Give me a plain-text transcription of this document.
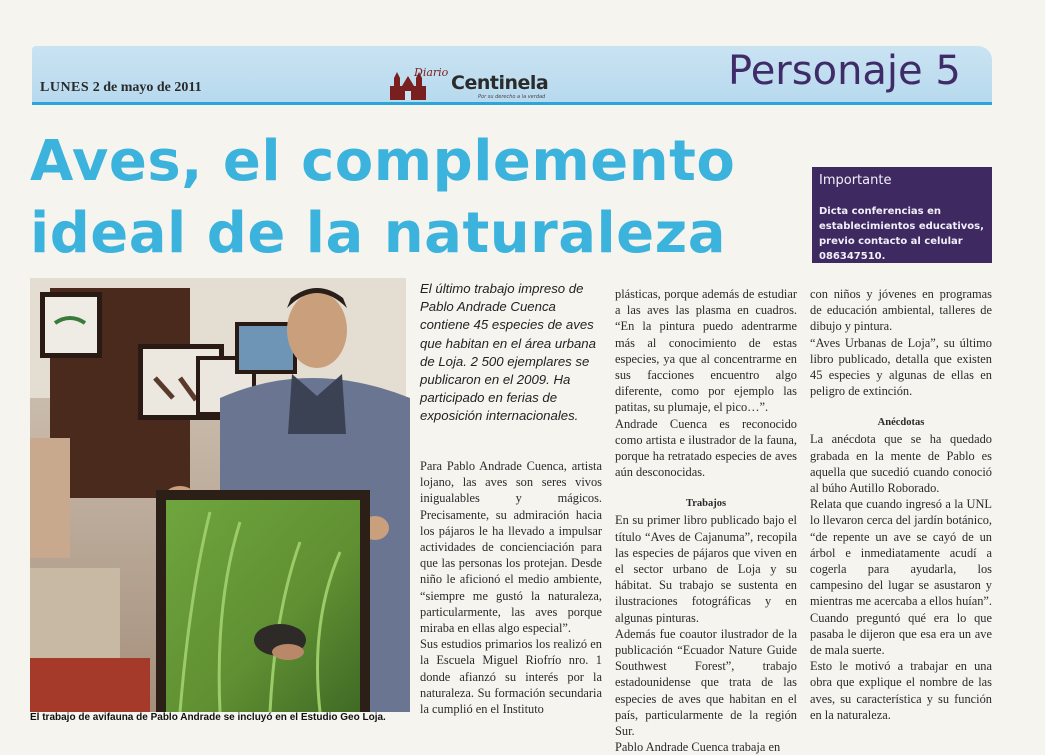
LUNES 2 de mayo de 2011
Diario Centinela
Por su derecho a la verdad
Personaje 5
Aves, el complemento
ideal de la naturaleza
Importante
Dicta conferencias en establecimientos educativos, previo contacto al celular 086347510.
El trabajo de avifauna de Pablo Andrade se incluyó en el Estudio Geo Loja.
El último trabajo impreso de Pablo Andrade Cuenca contiene 45 especies de aves que habitan en el área urbana de Loja. 2 500 ejemplares se publicaron en el 2009. Ha participado en ferias de exposición internacionales.

Para Pablo Andrade Cuenca, artista lojano, las aves son seres vivos inigualables y mágicos. Precisamente, su admiración hacia los pájaros le ha llevado a impulsar actividades de concienciación para que las personas los protejan. Desde niño le aficionó el medio ambiente, “siempre me gustó la naturaleza, particularmente, las aves porque miraba en ellas algo especial”.

Sus estudios primarios los realizó en la Escuela Miguel Riofrío nro. 1 donde afianzó su interés por la naturaleza. Su formación secundaria la cumplió en el Instituto

plásticas, porque además de estudiar a las aves las plasma en cuadros. “En la pintura puedo adentrarme más al conocimiento de estas especies, ya que al concentrarme en sus facciones encuentro algo diferente, como por ejemplo las patitas, su plumaje, el pico…”.

Andrade Cuenca es reconocido como artista e ilustrador de la fauna, porque ha retratado especies de aves aún desconocidas.

Trabajos

En su primer libro publicado bajo el título “Aves de Cajanuma”, recopila las especies de pájaros que viven en el sector urbano de Loja y su hábitat. Su trabajo se sustenta en ilustraciones fotográficas y en algunas pinturas.

Además fue coautor ilustrador de la publicación “Ecuador Nature Guide Southwest Forest”, trabajo estadounidense que trata de las especies de aves que habitan en el país, particularmente de la región Sur.

Pablo Andrade Cuenca trabaja en

con niños y jóvenes en programas de educación ambiental, talleres de dibujo y pintura.

“Aves Urbanas de Loja”, su último libro publicado, detalla que existen 45 especies y algunas de ellas en peligro de extinción.

Anécdotas

La anécdota que se ha quedado grabada en la mente de Pablo es aquella que sucedió cuando conoció al búho Autillo Roborado.

Relata que cuando ingresó a la UNL lo llevaron cerca del jardín botánico, “de repente un ave se cayó de un árbol e inmediatamente acudí a cogerla para ayudarla, los campesino del lugar se asustaron y mientras me acercaba a ellos huían”. Cuando preguntó qué era lo que pasaba le dijeron que esa era un ave de mala suerte.

Esto le motivó a trabajar en una obra que explique el nombre de las aves, su característica y su función en la naturaleza.
